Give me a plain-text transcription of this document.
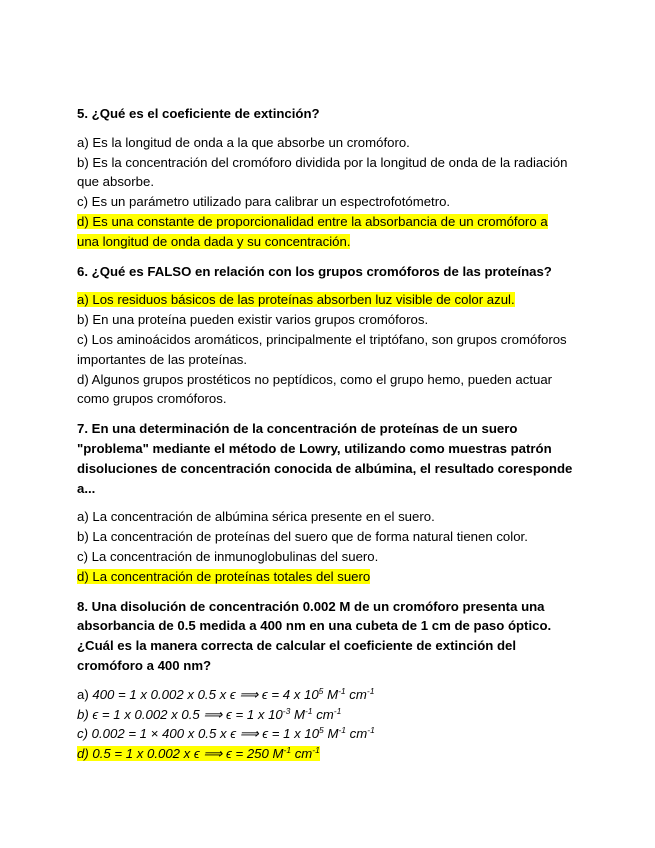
5. ¿Qué es el coeficiente de extinción?
a) Es la longitud de onda a la que absorbe un cromóforo.
b) Es la concentración del cromóforo dividida por la longitud de onda de la radiación que absorbe.
c) Es un parámetro utilizado para calibrar un espectrofotómetro.
d) Es una constante de proporcionalidad entre la absorbancia de un cromóforo a
una longitud de onda dada y su concentración.
6. ¿Qué es FALSO en relación con los grupos cromóforos de las proteínas?
a) Los residuos básicos de las proteínas absorben luz visible de color azul.
b) En una proteína pueden existir varios grupos cromóforos.
c) Los aminoácidos aromáticos, principalmente el triptófano, son grupos cromóforos importantes de las proteínas.
d) Algunos grupos prostéticos no peptídicos, como el grupo hemo, pueden actuar como grupos cromóforos.
7. En una determinación de la concentración de proteínas de un suero "problema" mediante el método de Lowry, utilizando como muestras patrón disoluciones de concentración conocida de albúmina, el resultado coresponde a...
a) La concentración de albúmina sérica presente en el suero.
b) La concentración de proteínas del suero que de forma natural tienen color.
c) La concentración de inmunoglobulinas del suero.
d) La concentración de proteínas totales del suero
8. Una disolución de concentración 0.002 M de un cromóforo presenta una absorbancia de 0.5 medida a 400 nm en una cubeta de 1 cm de paso óptico. ¿Cuál es la manera correcta de calcular el coeficiente de extinción del cromóforo a 400 nm?
a) 400 = 1 x 0.002 x 0.5 x ϵ ⟹ ϵ = 4 x $10^5$ $M^{-1}$ $cm^{-1}$
b) ϵ = 1 x 0.002 x 0.5 ⟹ ϵ = 1 x $10^{-3}$ $M^{-1}$ $cm^{-1}$
c) 0.002 = 1 × 400 x 0.5 x ϵ ⟹ ϵ = 1 x $10^5$ $M^{-1}$ $cm^{-1}$
d) 0.5 = 1 x 0.002 x ϵ ⟹ ϵ = 250 $M^{-1}$ $cm^{-1}$
